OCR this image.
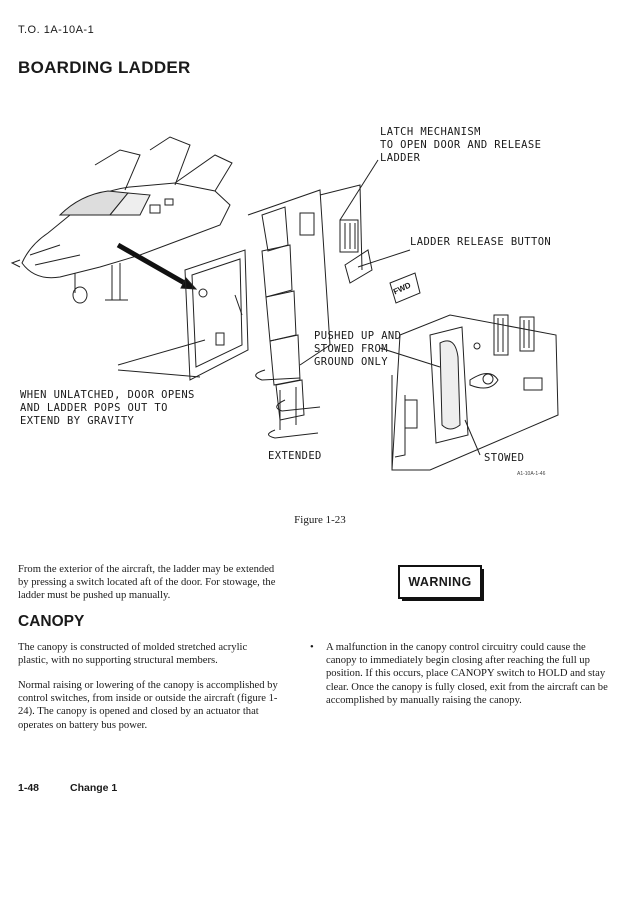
T.O. 1A-10A-1
BOARDING LADDER
LATCH MECHANISM
TO OPEN DOOR AND RELEASE
LADDER
LADDER RELEASE BUTTON
FWD
PUSHED UP AND
STOWED FROM
GROUND ONLY
WHEN UNLATCHED, DOOR OPENS
AND LADDER POPS OUT TO
EXTEND BY GRAVITY
EXTENDED	STOWED
A1-10A-1-46
Figure 1-23
From the exterior of the aircraft, the ladder may be extended by pressing a switch located aft of the door. For stowage, the ladder must be pushed up manually.
WARNING
CANOPY
The canopy is constructed of molded stretched acrylic plastic, with no supporting structural members.
Normal raising or lowering of the canopy is accomplished by control switches, from inside or outside the aircraft (figure 1-24). The canopy is opened and closed by an actuator that operates on battery bus power.
• A malfunction in the canopy control circuitry could cause the canopy to immediately begin closing after reaching the full up position. If this occurs, place CANOPY switch to HOLD and stay clear. Once the canopy is fully closed, exit from the aircraft can be accomplished by manually raising the canopy.
1-48	Change 1
